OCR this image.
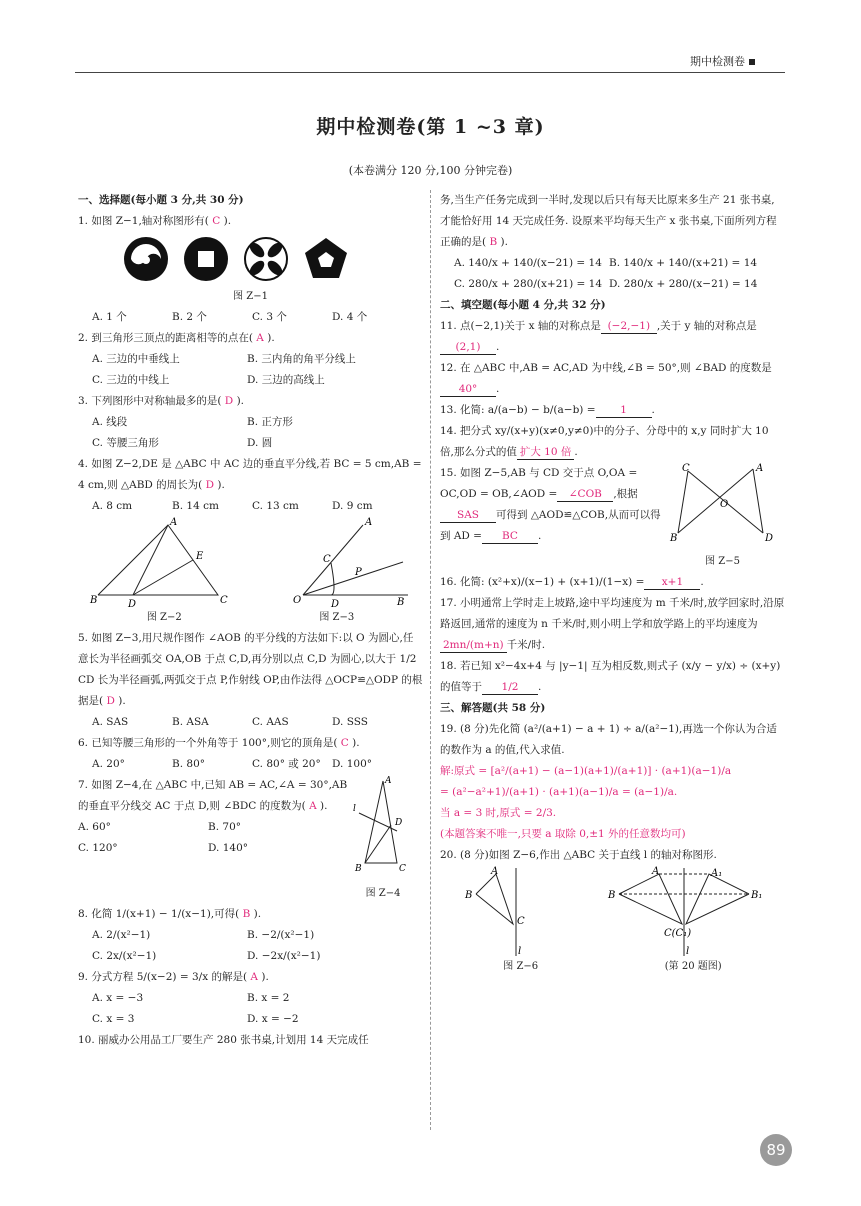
期中检测卷
期中检测卷(第 1 ~3 章)
(本卷满分 120 分,100 分钟完卷)
一、选择题(每小题 3 分,共 30 分)
1. 如图 Z−1,轴对称图形有( C ).
图 Z−1
A. 1 个	B. 2 个	C. 3 个	D. 4 个
2. 到三角形三顶点的距离相等的点在( A ).
A. 三边的中垂线上	B. 三内角的角平分线上
C. 三边的中线上	D. 三边的高线上
3. 下列图形中对称轴最多的是( D ).
A. 线段	B. 正方形
C. 等腰三角形	D. 圆
4. 如图 Z−2,DE 是 △ABC 中 AC 边的垂直平分线,若 BC = 5 cm,AB = 4 cm,则 △ABD 的周长为( D ).
A. 8 cm	B. 14 cm	C. 13 cm	D. 9 cm
B
A
C
D
E
O
A
B
C
D
P
图 Z−2	图 Z−3
5. 如图 Z−3,用尺规作图作 ∠AOB 的平分线的方法如下:以 O 为圆心,任意长为半径画弧交 OA,OB 于点 C,D,再分别以点 C,D 为圆心,以大于 1/2 CD 长为半径画弧,两弧交于点 P,作射线 OP,由作法得 △OCP≌△ODP 的根据是( D ).
A. SAS	B. ASA	C. AAS	D. SSS
6. 已知等腰三角形的一个外角等于 100°,则它的顶角是( C ).
A. 20°	B. 80°	C. 80° 或 20°	D. 100°
7. 如图 Z−4,在 △ABC 中,已知 AB = AC,∠A = 30°,AB 的垂直平分线交 AC 于点 D,则 ∠BDC 的度数为( A ).
A. 60°	B. 70°
C. 120°	D. 140°
A
B	C
D
l
图 Z−4
8. 化简 1/(x+1) − 1/(x−1),可得( B ).
A. 2/(x²−1)	B. −2/(x²−1)
C. 2x/(x²−1)	D. −2x/(x²−1)
9. 分式方程 5/(x−2) = 3/x 的解是( A ).
A. x = −3	B. x = 2
C. x = 3	D. x = −2
10. 丽威办公用品工厂要生产 280 张书桌,计划用 14 天完成任
务,当生产任务完成到一半时,发现以后只有每天比原来多生产 21 张书桌,才能恰好用 14 天完成任务. 设原来平均每天生产 x 张书桌,下面所列方程正确的是( B ).
A. 140/x + 140/(x−21) = 14 B. 140/x + 140/(x+21) = 14
C. 280/x + 280/(x+21) = 14 D. 280/x + 280/(x−21) = 14
二、填空题(每小题 4 分,共 32 分)
11. 点(−2,1)关于 x 轴的对称点是 (−2,−1) ,关于 y 轴的对称点是(2,1) .
12. 在 △ABC 中,AB = AC,AD 为中线,∠B = 50°,则 ∠BAD 的度数是40° .
13. 化简: a/(a−b) − b/(a−b) = 1 .
14. 把分式 xy/(x+y)(x≠0,y≠0)中的分子、分母中的 x,y 同时扩大 10 倍,那么分式的值 扩大 10 倍 .
15. 如图 Z−5,AB 与 CD 交于点 O,OA = OC,OD = OB,∠AOD = ∠COB ,根据SAS 可得到 △AOD≌△COB,从而可以得到 AD = BC .
C	A
B	D
O
图 Z−5
16. 化简: (x²+x)/(x−1) + (x+1)/(1−x) = x+1 .
17. 小明通常上学时走上坡路,途中平均速度为 m 千米/时,放学回家时,沿原路返回,通常的速度为 n 千米/时,则小明上学和放学路上的平均速度为2mn/(m+n) 千米/时.
18. 若已知 x²−4x+4 与 |y−1| 互为相反数,则式子 (x/y − y/x) ÷ (x+y) 的值等于 1/2 .
三、解答题(共 58 分)
19. (8 分)先化简 (a²/(a+1) − a + 1) ÷ a/(a²−1),再选一个你认为合适的数作为 a 的值,代入求值.
解:原式 = [a²/(a+1) − (a−1)(a+1)/(a+1)] · (a+1)(a−1)/a
= (a²−a²+1)/(a+1) · (a+1)(a−1)/a = (a−1)/a.
当 a = 3 时,原式 = 2/3.
(本题答案不唯一,只要 a 取除 0,±1 外的任意数均可)
20. (8 分)如图 Z−6,作出 △ABC 关于直线 l 的轴对称图形.
B
A
C
l
B
A	A₁
B₁
C(C₁)
l
图 Z−6	(第 20 题图)
89
